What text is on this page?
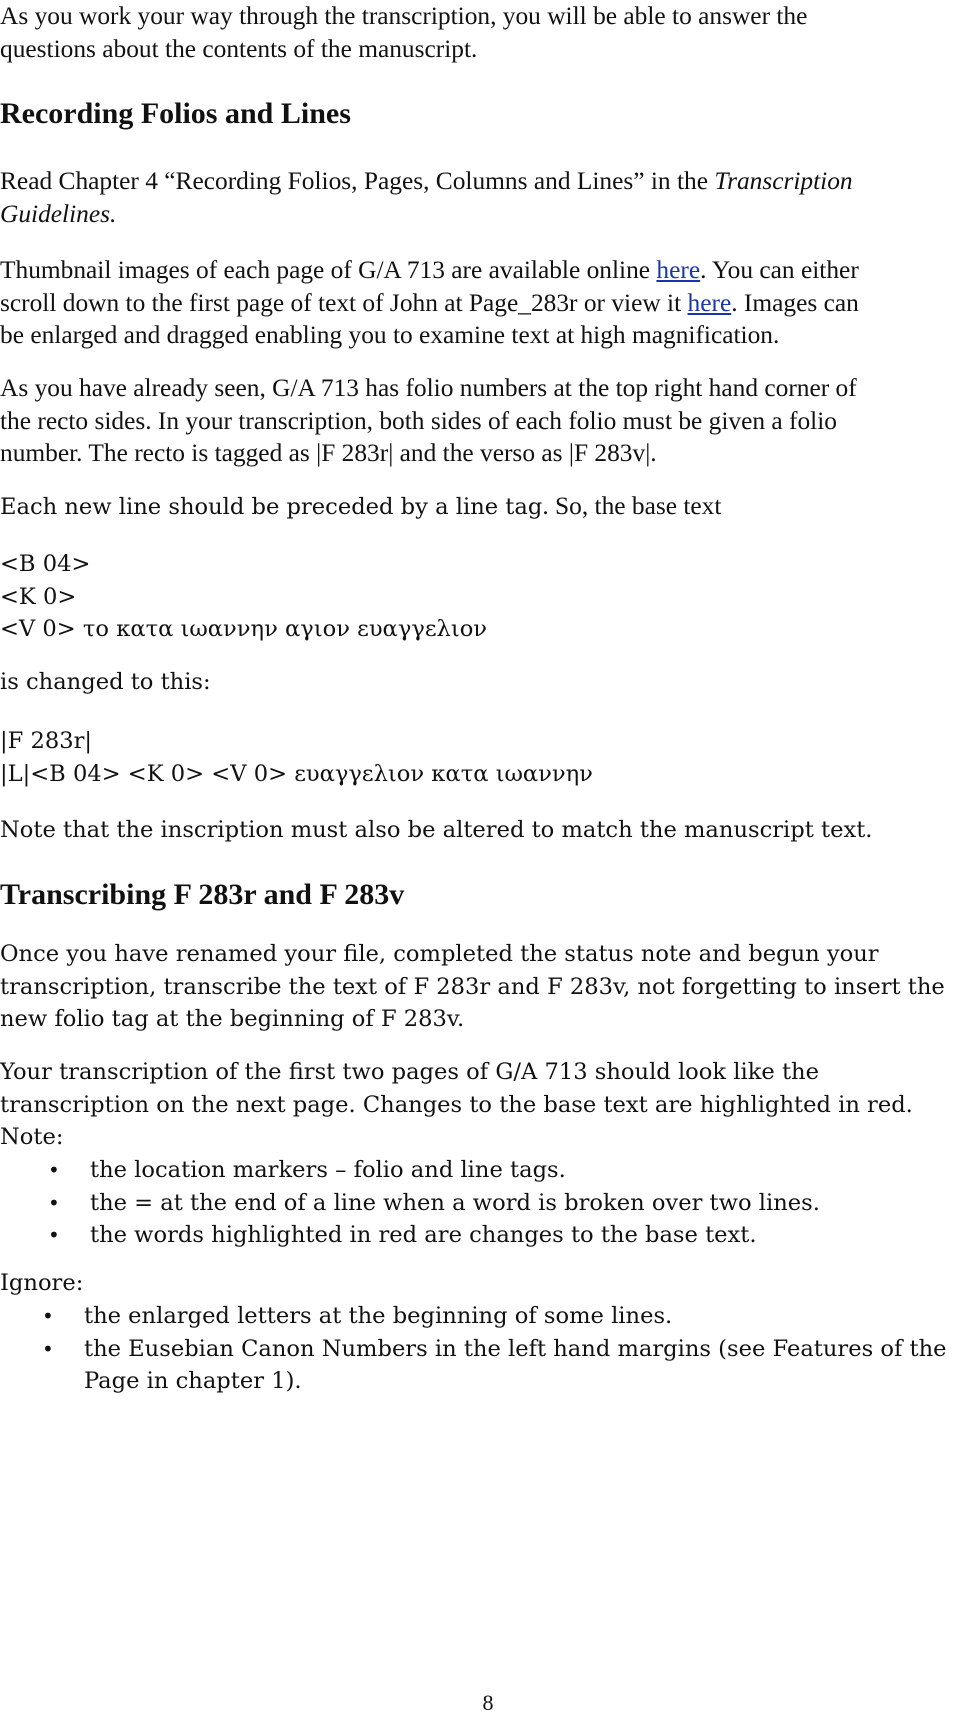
As you work your way through the transcription, you will be able to answer the
questions about the contents of the manuscript.

Recording Folios and Lines

Read Chapter 4 “Recording Folios, Pages, Columns and Lines” in the Transcription
Guidelines.

Thumbnail images of each page of G/A 713 are available online here. You can either
scroll down to the first page of text of John at Page_283r or view it here. Images can
be enlarged and dragged enabling you to examine text at high magnification.

As you have already seen, G/A 713 has folio numbers at the top right hand corner of
the recto sides. In your transcription, both sides of each folio must be given a folio
number. The recto is tagged as |F 283r| and the verso as |F 283v|.

Each new line should be preceded by a line tag. So, the base text

<B 04>
<K 0>
<V 0> το κατα ιωαννην αγιον ευαγγελιον

is changed to this:

|F 283r|
|L|<B 04> <K 0> <V 0> ευαγγελιον κατα ιωαννην

Note that the inscription must also be altered to match the manuscript text.

Transcribing F 283r and F 283v

Once you have renamed your file, completed the status note and begun your
transcription, transcribe the text of F 283r and F 283v, not forgetting to insert the
new folio tag at the beginning of F 283v.

Your transcription of the first two pages of G/A 713 should look like the
transcription on the next page. Changes to the base text are highlighted in red.
Note:

• the location markers – folio and line tags.
• the = at the end of a line when a word is broken over two lines.
• the words highlighted in red are changes to the base text.

Ignore:

• the enlarged letters at the beginning of some lines.
• the Eusebian Canon Numbers in the left hand margins (see Features of the
Page in chapter 1).
8
